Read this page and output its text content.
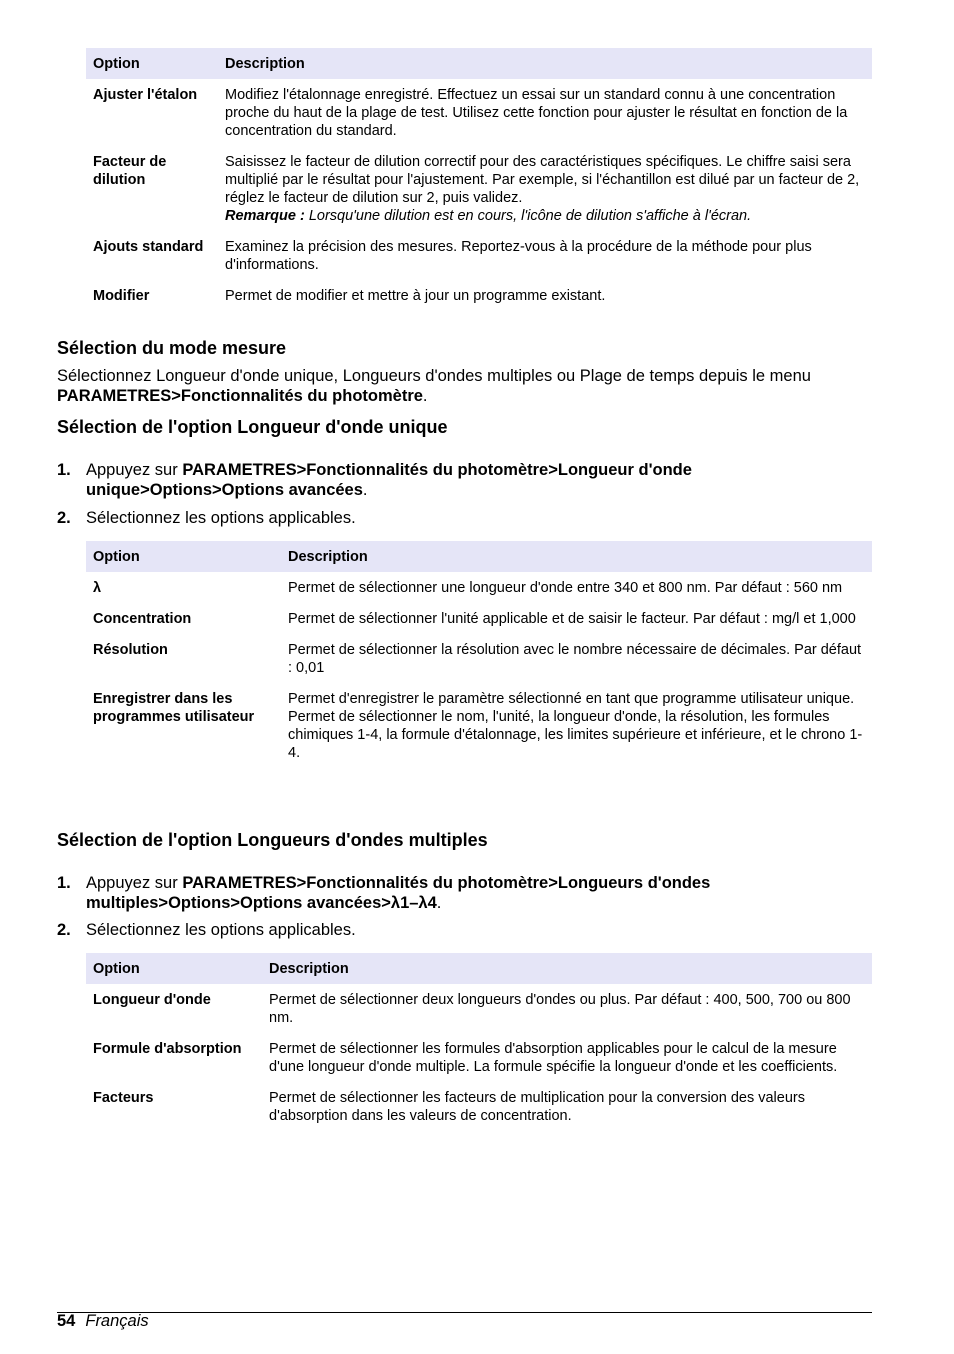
Option	Description
Ajuster l'étalon	Modifiez l'étalonnage enregistré. Effectuez un essai sur un standard connu à une concentration proche du haut de la plage de test. Utilisez cette fonction pour ajuster le résultat en fonction de la concentration du standard.
Facteur de dilution	Saisissez le facteur de dilution correctif pour des caractéristiques spécifiques. Le chiffre saisi sera multiplié par le résultat pour l'ajustement. Par exemple, si l'échantillon est dilué par un facteur de 2, réglez le facteur de dilution sur 2, puis validez.
Remarque : Lorsqu'une dilution est en cours, l'icône de dilution s'affiche à l'écran.
Ajouts standard	Examinez la précision des mesures. Reportez-vous à la procédure de la méthode pour plus d'informations.
Modifier	Permet de modifier et mettre à jour un programme existant.
Sélection du mode mesure

Sélectionnez Longueur d'onde unique, Longueurs d'ondes multiples ou Plage de temps depuis le menu PARAMETRES>Fonctionnalités du photomètre.

Sélection de l'option Longueur d'onde unique
1. Appuyez sur PARAMETRES>Fonctionnalités du photomètre>Longueur d'onde unique>Options>Options avancées.
2. Sélectionnez les options applicables.
Option	Description
λ	Permet de sélectionner une longueur d'onde entre 340 et 800 nm. Par défaut : 560 nm
Concentration	Permet de sélectionner l'unité applicable et de saisir le facteur. Par défaut : mg/l et 1,000
Résolution	Permet de sélectionner la résolution avec le nombre nécessaire de décimales. Par défaut : 0,01
Enregistrer dans les programmes utilisateur	Permet d'enregistrer le paramètre sélectionné en tant que programme utilisateur unique. Permet de sélectionner le nom, l'unité, la longueur d'onde, la résolution, les formules chimiques 1-4, la formule d'étalonnage, les limites supérieure et inférieure, et le chrono 1-4.
Sélection de l'option Longueurs d'ondes multiples
1. Appuyez sur PARAMETRES>Fonctionnalités du photomètre>Longueurs d'ondes multiples>Options>Options avancées>λ1–λ4.
2. Sélectionnez les options applicables.
Option	Description
Longueur d'onde	Permet de sélectionner deux longueurs d'ondes ou plus. Par défaut : 400, 500, 700 ou 800 nm.
Formule d'absorption	Permet de sélectionner les formules d'absorption applicables pour le calcul de la mesure d'une longueur d'onde multiple. La formule spécifie la longueur d'onde et les coefficients.
Facteurs	Permet de sélectionner les facteurs de multiplication pour la conversion des valeurs d'absorption dans les valeurs de concentration.
54 Français
